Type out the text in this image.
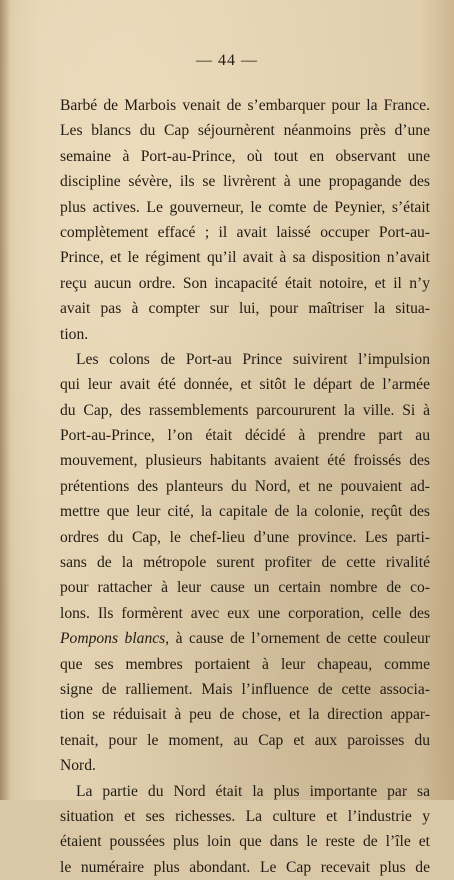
— 44 —
Barbé de Marbois venait de s’embarquer pour la France.
Les blancs du Cap séjournèrent néanmoins près d’une
semaine à Port-au-Prince, où tout en observant une
discipline sévère, ils se livrèrent à une propagande des
plus actives. Le gouverneur, le comte de Peynier, s’était
complètement effacé ; il avait laissé occuper Port-au-
Prince, et le régiment qu’il avait à sa disposition n’avait
reçu aucun ordre. Son incapacité était notoire, et il n’y
avait pas à compter sur lui, pour maîtriser la situa-
tion.
Les colons de Port-au Prince suivirent l’impulsion
qui leur avait été donnée, et sitôt le départ de l’armée
du Cap, des rassemblements parcoururent la ville. Si à
Port-au-Prince, l’on était décidé à prendre part au
mouvement, plusieurs habitants avaient été froissés des
prétentions des planteurs du Nord, et ne pouvaient ad-
mettre que leur cité, la capitale de la colonie, reçût des
ordres du Cap, le chef-lieu d’une province. Les parti-
sans de la métropole surent profiter de cette rivalité
pour rattacher à leur cause un certain nombre de co-
lons. Ils formèrent avec eux une corporation, celle des
Pompons blancs, à cause de l’ornement de cette couleur
que ses membres portaient à leur chapeau, comme
signe de ralliement. Mais l’influence de cette associa-
tion se réduisait à peu de chose, et la direction appar-
tenait, pour le moment, au Cap et aux paroisses du
Nord.
La partie du Nord était la plus importante par sa
situation et ses richesses. La culture et l’industrie y
étaient poussées plus loin que dans le reste de l’île et
le numéraire plus abondant. Le Cap recevait plus de
